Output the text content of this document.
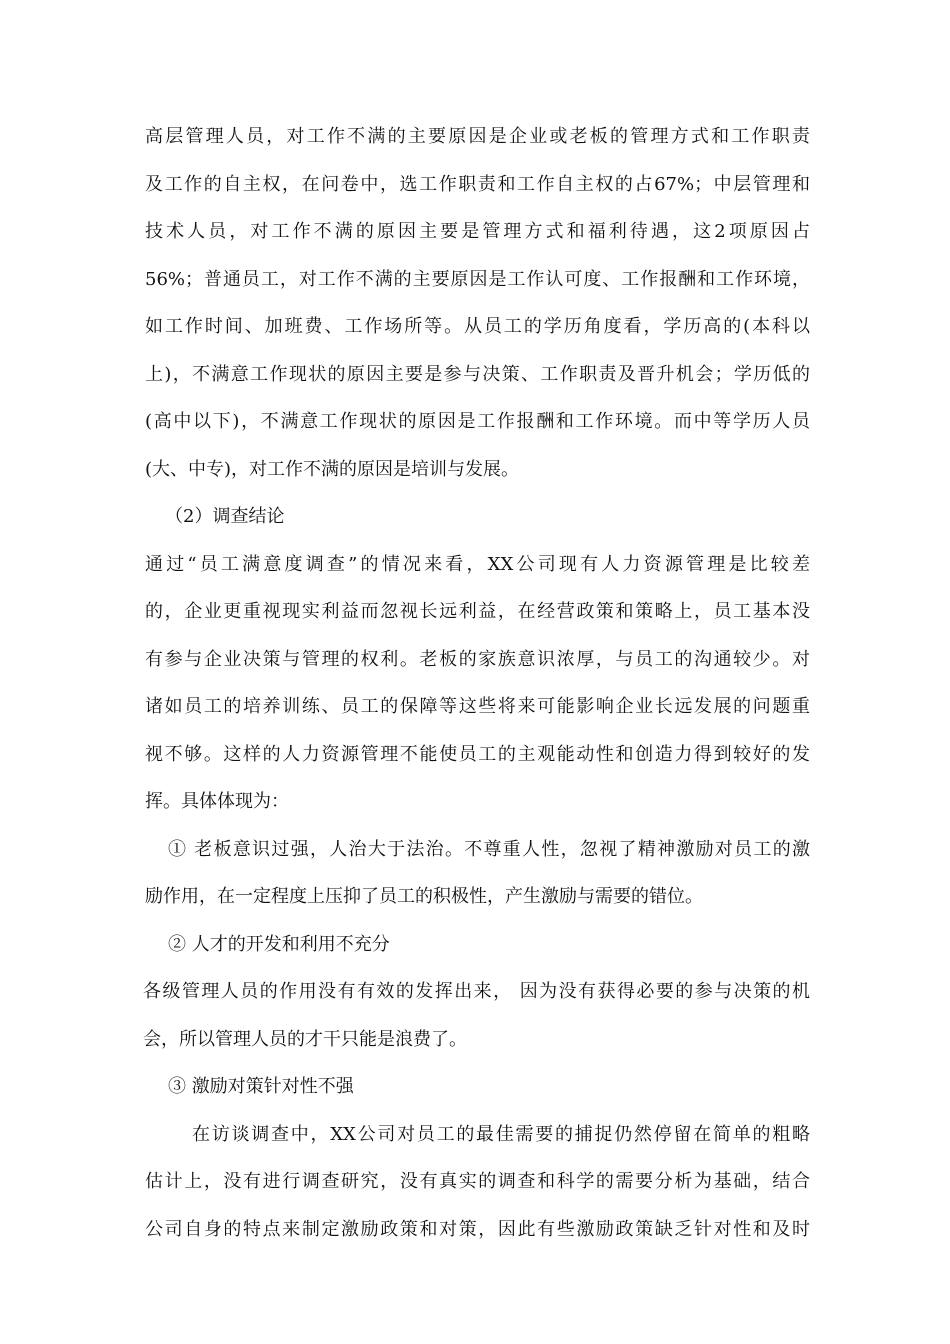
高层管理人员，对工作不满的主要原因是企业或老板的管理方式和工作职责
及工作的自主权，在问卷中，选工作职责和工作自主权的占67%；中层管理和
技术人员，对工作不满的原因主要是管理方式和福利待遇，这2项原因占
56%；普通员工，对工作不满的主要原因是工作认可度、工作报酬和工作环境，
如工作时间、加班费、工作场所等。从员工的学历角度看，学历高的(本科以
上)，不满意工作现状的原因主要是参与决策、工作职责及晋升机会；学历低的
(高中以下)，不满意工作现状的原因是工作报酬和工作环境。而中等学历人员
(大、中专)，对工作不满的原因是培训与发展。
（2）调查结论
通过“员工满意度调查”的情况来看，XX公司现有人力资源管理是比较差
的，企业更重视现实利益而忽视长远利益，在经营政策和策略上，员工基本没
有参与企业决策与管理的权利。老板的家族意识浓厚，与员工的沟通较少。对
诸如员工的培养训练、员工的保障等这些将来可能影响企业长远发展的问题重
视不够。这样的人力资源管理不能使员工的主观能动性和创造力得到较好的发
挥。具体体现为：
① 老板意识过强，人治大于法治。不尊重人性，忽视了精神激励对员工的激
励作用，在一定程度上压抑了员工的积极性，产生激励与需要的错位。
② 人才的开发和利用不充分
各级管理人员的作用没有有效的发挥出来， 因为没有获得必要的参与决策的机
会，所以管理人员的才干只能是浪费了。
③ 激励对策针对性不强
在访谈调查中，XX公司对员工的最佳需要的捕捉仍然停留在简单的粗略
估计上，没有进行调查研究，没有真实的调查和科学的需要分析为基础，结合
公司自身的特点来制定激励政策和对策，因此有些激励政策缺乏针对性和及时
